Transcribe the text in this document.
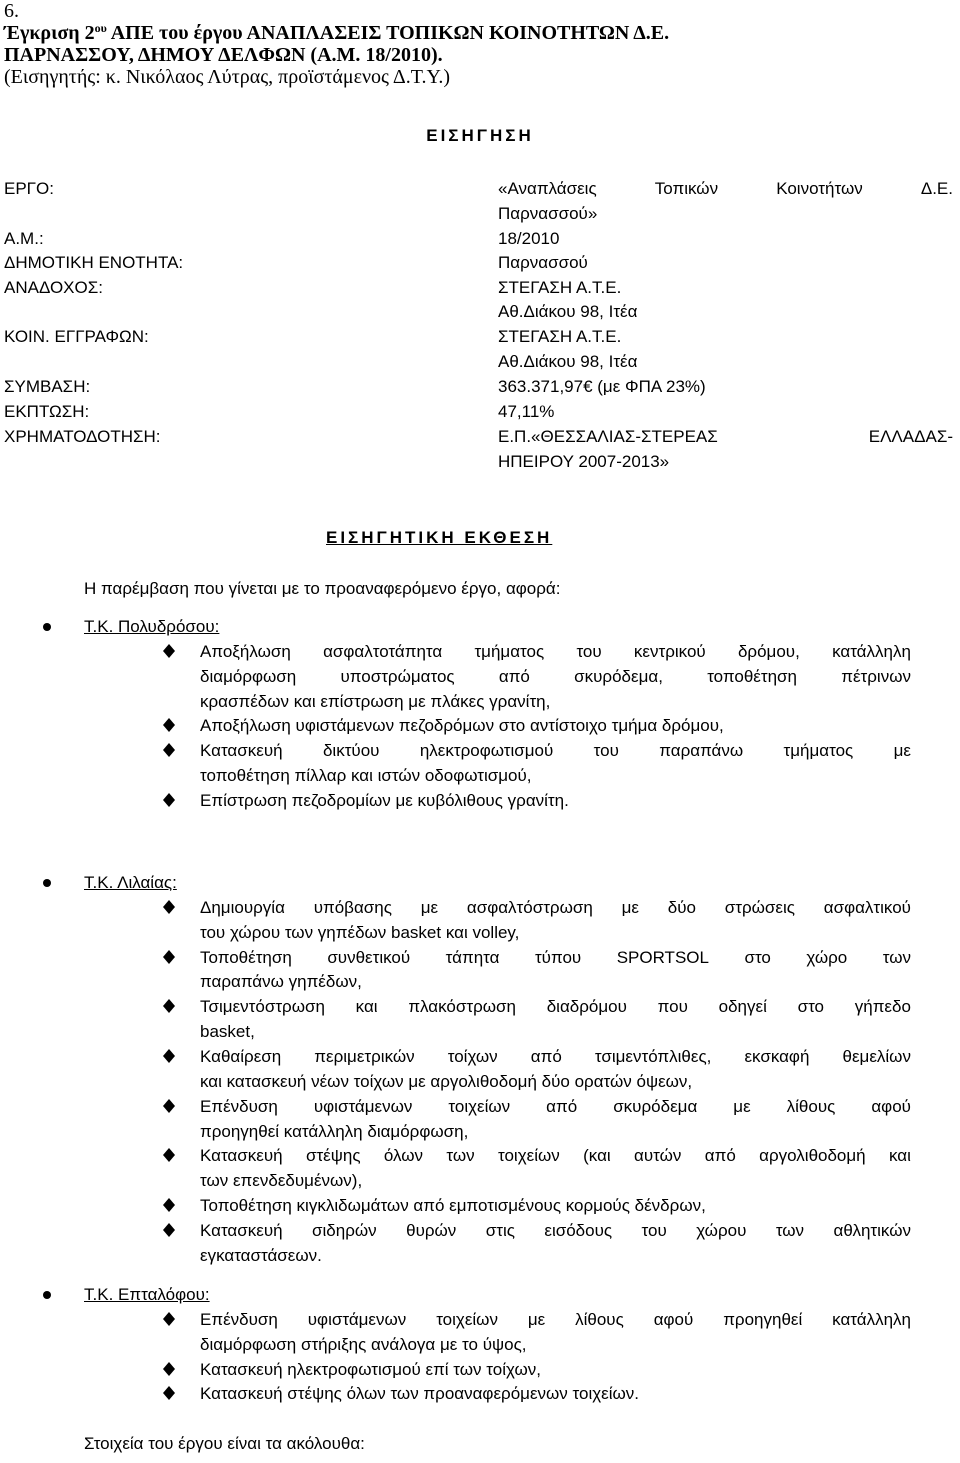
6.
Έγκριση $2^{o\upsilon}$ ΑΠΕ του έργου ΑΝΑΠΛΑΣΕΙΣ ΤΟΠΙΚΩΝ ΚΟΙΝΟΤΗΤΩΝ Δ.Ε.
ΠΑΡΝΑΣΣΟΥ, ΔΗΜΟΥ ΔΕΛΦΩΝ (Α.Μ. 18/2010).
(Εισηγητής: κ. Νικόλαος Λύτρας, προϊστάμενος Δ.Τ.Υ.)
ΕΙΣΗΓΗΣΗ
ΕΡΓΟ:	«Αναπλάσεις	Τοπικών	Κοινοτήτων	Δ.Ε.
Παρνασσού»
Α.Μ.:	18/2010
ΔΗΜΟΤΙΚΗ ΕΝΟΤΗΤΑ:	Παρνασσού
ΑΝΑΔΟΧΟΣ:	ΣΤΕΓΑΣΗ Α.Τ.Ε.
Αθ.Διάκου 98, Ιτέα
ΚΟΙΝ. ΕΓΓΡΑΦΩΝ:	ΣΤΕΓΑΣΗ Α.Τ.Ε.
Αθ.Διάκου 98, Ιτέα
ΣΥΜΒΑΣΗ:	363.371,97€ (με ΦΠΑ 23%)
ΕΚΠΤΩΣΗ:	47,11%
ΧΡΗΜΑΤΟΔΟΤΗΣΗ:	Ε.Π.«ΘΕΣΣΑΛΙΑΣ-ΣΤΕΡΕΑΣ	ΕΛΛΑΔΑΣ-
ΗΠΕΙΡΟΥ 2007-2013»
ΕΙΣΗΓΗΤΙΚΗ ΕΚΘΕΣΗ
Η παρέμβαση που γίνεται με το προαναφερόμενο έργο, αφορά:
Τ.Κ. Πολυδρόσου:
Αποξήλωση ασφαλτοτάπητα τμήματος του κεντρικού δρόμου, κατάλληλη
διαμόρφωση	υποστρώματος	από	σκυρόδεμα,	τοποθέτηση	πέτρινων
κρασπέδων και επίστρωση με πλάκες γρανίτη,
Αποξήλωση υφιστάμενων πεζοδρόμων στο αντίστοιχο τμήμα δρόμου,
Κατασκευή δικτύου ηλεκτροφωτισμού του παραπάνω τμήματος με
τοποθέτηση πίλλαρ και ιστών οδοφωτισμού,
Επίστρωση πεζοδρομίων με κυβόλιθους γρανίτη.
Τ.Κ. Λιλαίας:
Δημιουργία υπόβασης με ασφαλτόστρωση με δύο στρώσεις ασφαλτικού
του χώρου των γηπέδων basket και volley,
Τοποθέτηση συνθετικού τάπητα τύπου SPORTSOL στο χώρο των
παραπάνω γηπέδων,
Τσιμεντόστρωση και πλακόστρωση διαδρόμου που οδηγεί στο γήπεδο
basket,
Καθαίρεση περιμετρικών τοίχων από τσιμεντόπλιθες, εκσκαφή θεμελίων
και κατασκευή νέων τοίχων με αργολιθοδομή δύο ορατών όψεων,
Επένδυση υφιστάμενων τοιχείων από σκυρόδεμα με λίθους αφού
προηγηθεί κατάλληλη διαμόρφωση,
Κατασκευή στέψης όλων των τοιχείων (και αυτών από αργολιθοδομή και
των επενδεδυμένων),
Τοποθέτηση κιγκλιδωμάτων από εμποτισμένους κορμούς δένδρων,
Κατασκευή σιδηρών θυρών στις εισόδους του χώρου των αθλητικών
εγκαταστάσεων.
Τ.Κ. Επταλόφου:
Επένδυση υφιστάμενων τοιχείων με λίθους αφού προηγηθεί κατάλληλη
διαμόρφωση στήριξης ανάλογα με το ύψος,
Κατασκευή ηλεκτροφωτισμού επί των τοίχων,
Κατασκευή στέψης όλων των προαναφερόμενων τοιχείων.
Στοιχεία του έργου είναι τα ακόλουθα:
